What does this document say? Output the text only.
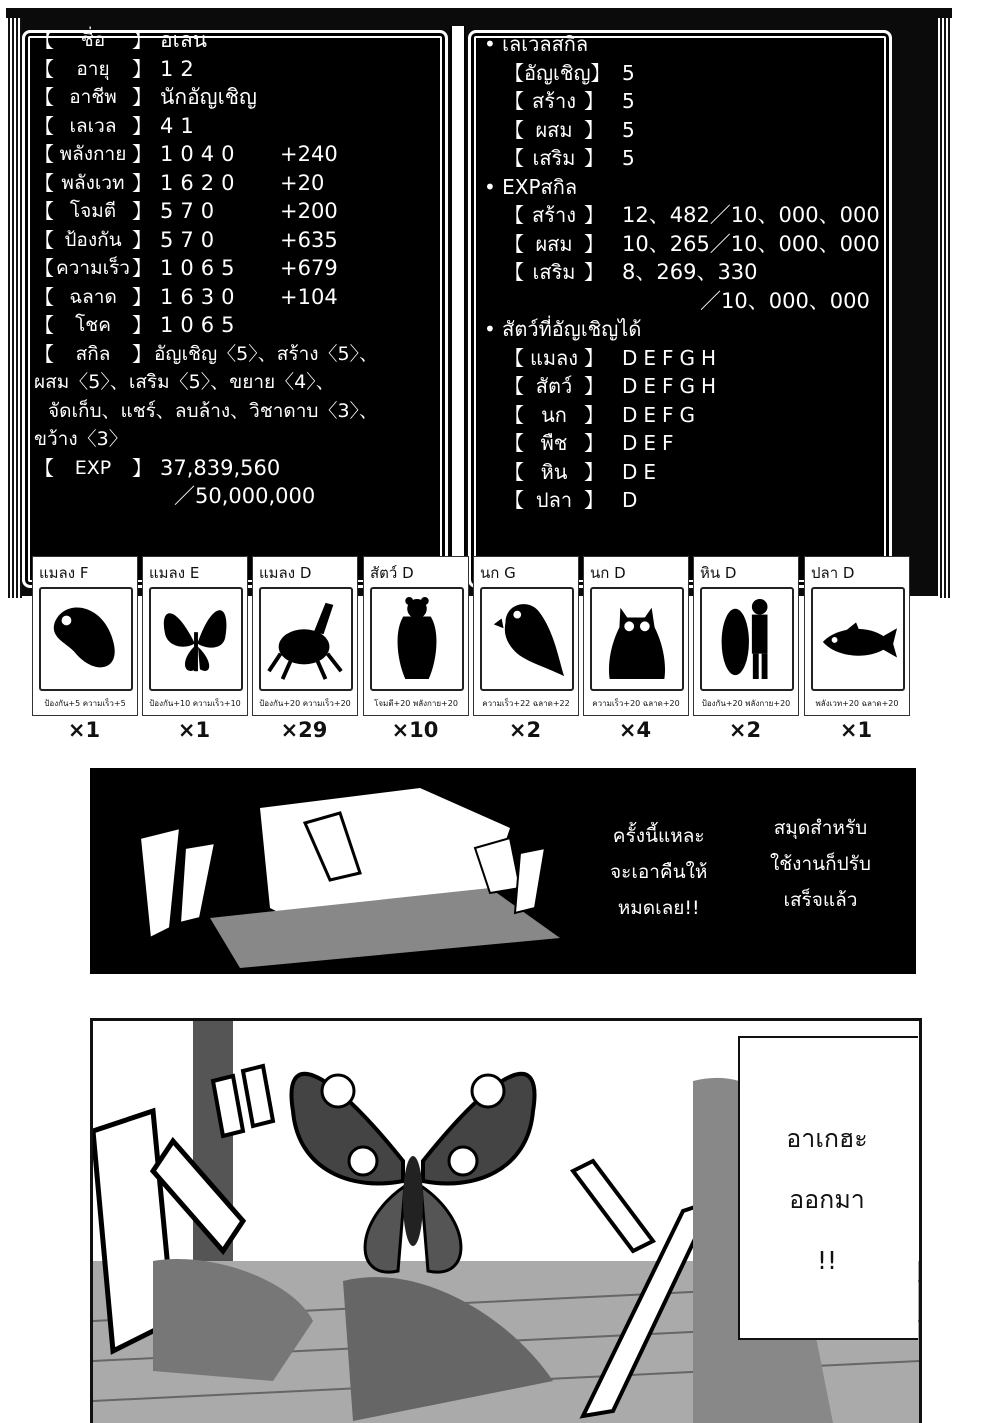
【 ชื่อ 】 อเลน
【 อายุ 】 12
【 อาชีพ 】 นักอัญเชิญ
【 เลเวล 】 41
【 พลังกาย 】 1040	+240
【 พลังเวท 】 1620	+20
【 โจมตี 】 570	+200
【 ป้องกัน 】 570	+635
【 ความเร็ว 】 1065	+679
【 ฉลาด 】 1630	+104
【 โชค 】 1065
【 สกิล 】 อัญเชิญ〈5〉、สร้าง〈5〉、
ผสม〈5〉、เสริม〈5〉、ขยาย〈4〉、
จัดเก็บ、แชร์、ลบล้าง、วิชาดาบ〈3〉、
ขว้าง〈3〉
【 EXP 】 37,839,560
／50,000,000
• เลเวลสกิล
【 อัญเชิญ 】 5
【 สร้าง 】 5
【 ผสม 】 5
【 เสริม 】 5
• EXPสกิล
【 สร้าง 】 12、482／10、000、000
【 ผสม 】 10、265／10、000、000
【 เสริม 】 8、269、330
／10、000、000
• สัตว์ที่อัญเชิญได้
【 แมลง 】 DEFGH
【 สัตว์ 】 DEFGH
【 นก 】 DEFG
【 พืช 】 DEF
【 หิน 】 DE
【 ปลา 】 D
แมลง F
ป้องกัน+5 ความเร็ว+5
แมลง E
ป้องกัน+10 ความเร็ว+10
แมลง D
ป้องกัน+20 ความเร็ว+20
สัตว์ D
โจมตี+20 พลังกาย+20
นก G
ความเร็ว+22 ฉลาด+22
นก D
ความเร็ว+20 ฉลาด+20
หิน D
ป้องกัน+20 พลังกาย+20
ปลา D
พลังเวท+20 ฉลาด+20
×1	×1	×29	×10	×2	×4	×2	×1
ครั้งนี้แหละ
จะเอาคืนให้
หมดเลย!!
สมุดสำหรับ
ใช้งานก็ปรับ
เสร็จแล้ว
อาเกฮะ
ออกมา
!!
